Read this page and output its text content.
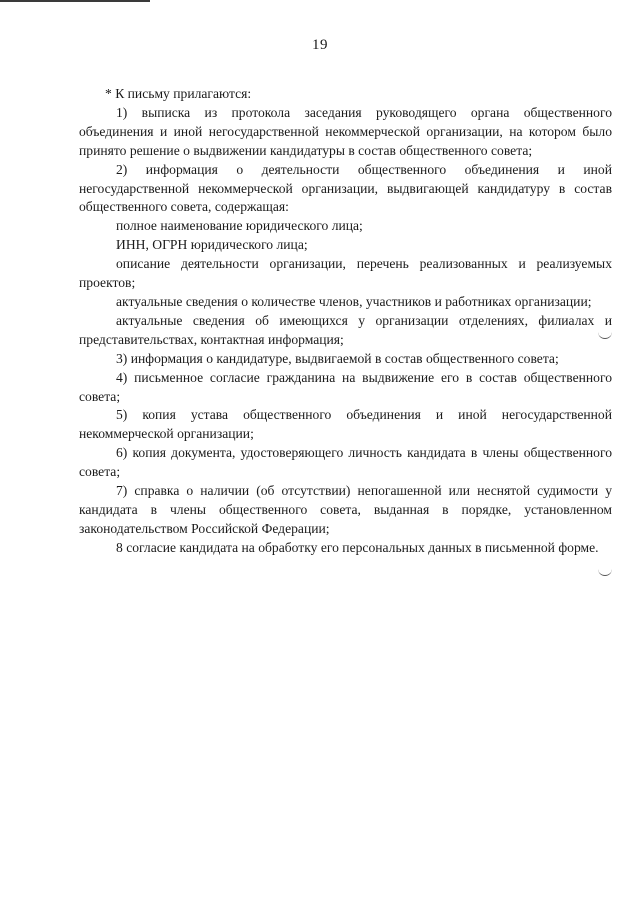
19

* К письму прилагаются:

1) выписка из протокола заседания руководящего органа общественного объединения и иной негосударственной некоммерческой организации, на котором было принято решение о выдвижении кандидатуры в состав общественного совета;

2) информация о деятельности общественного объединения и иной негосударственной некоммерческой организации, выдвигающей кандидатуру в состав общественного совета, содержащая:

полное наименование юридического лица;

ИНН, ОГРН юридического лица;

описание деятельности организации, перечень реализованных и реализуемых проектов;

актуальные сведения о количестве членов, участников и работниках организации;

актуальные сведения об имеющихся у организации отделениях, филиалах и представительствах, контактная информация;

3) информация о кандидатуре, выдвигаемой в состав общественного совета;

4) письменное согласие гражданина на выдвижение его в состав общественного совета;

5) копия устава общественного объединения и иной негосударственной некоммерческой организации;

6) копия документа, удостоверяющего личность кандидата в члены общественного совета;

7) справка о наличии (об отсутствии) непогашенной или неснятой судимости у кандидата в члены общественного совета, выданная в порядке, установленном законодательством Российской Федерации;

8 согласие кандидата на обработку его персональных данных в письменной форме.
